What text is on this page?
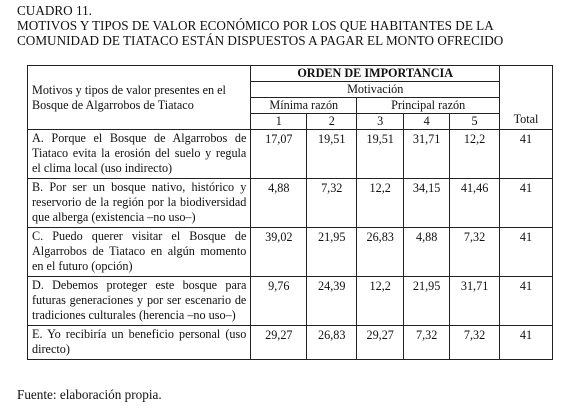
CUADRO 11.
MOTIVOS Y TIPOS DE VALOR ECONÓMICO POR LOS QUE HABITANTES DE LA
COMUNIDAD DE TIATACO ESTÁN DISPUESTOS A PAGAR EL MONTO OFRECIDO
Motivos y tipos de valor presentes en el Bosque de Algarrobos de Tiataco	ORDEN DE IMPORTANCIA					Total
	Motivación					
	Mínima razón		Principal razón			
	1	2	3	4	5	
A. Porque el Bosque de Algarrobos de Tiataco evita la erosión del suelo y regula el clima local (uso indirecto)	17,07	19,51	19,51	31,71	12,2	41
B. Por ser un bosque nativo, histórico y reservorio de la región por la biodiversidad que alberga (existencia –no uso–)	4,88	7,32	12,2	34,15	41,46	41
C. Puedo querer visitar el Bosque de Algarrobos de Tiataco en algún momento en el futuro (opción)	39,02	21,95	26,83	4,88	7,32	41
D. Debemos proteger este bosque para futuras generaciones y por ser escenario de tradiciones culturales (herencia –no uso–)	9,76	24,39	12,2	21,95	31,71	41
E. Yo recibiría un beneficio personal (uso directo)	29,27	26,83	29,27	7,32	7,32	41
Fuente: elaboración propia.
